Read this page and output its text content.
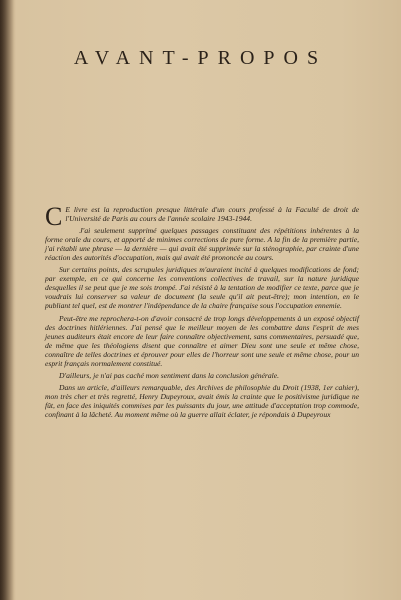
AVANT-PROPOS

C E livre est la reproduction presque littérale d'un cours professé à la Faculté de droit de l'Université de Paris au cours de l'année scolaire 1943-1944.

J'ai seulement supprimé quelques passages constituant des répétitions inhérentes à la forme orale du cours, et apporté de minimes corrections de pure forme. A la fin de la première partie, j'ai rétabli une phrase — la dernière — qui avait été supprimée sur la sténographie, par crainte d'une réaction des autorités d'occupation, mais qui avait été prononcée au cours.

Sur certains points, des scrupules juridiques m'auraient incité à quelques modifications de fond; par exemple, en ce qui concerne les conventions collectives de travail, sur la nature juridique desquelles il se peut que je me sois trompé. J'ai résisté à la tentation de modifier ce texte, parce que je voudrais lui conserver sa valeur de document (la seule qu'il ait peut-être); mon intention, en le publiant tel quel, est de montrer l'indépendance de la chaire française sous l'occupation ennemie.

Peut-être me reprochera-t-on d'avoir consacré de trop longs développements à un exposé objectif des doctrines hitlériennes. J'ai pensé que le meilleur moyen de les combattre dans l'esprit de mes jeunes auditeurs était encore de leur faire connaître objectivement, sans commentaires, persuadé que, de même que les théologiens disent que connaître et aimer Dieu sont une seule et même chose, connaître de telles doctrines et éprouver pour elles de l'horreur sont une seule et même chose, pour un esprit français normalement constitué.

D'ailleurs, je n'ai pas caché mon sentiment dans la conclusion générale.

Dans un article, d'ailleurs remarquable, des Archives de philosophie du Droit (1938, 1er cahier), mon très cher et très regretté, Henry Dupeyroux, avait émis la crainte que le positivisme juridique ne fût, en face des iniquités commises par les puissants du jour, une attitude d'acceptation trop commode, confinant à la lâcheté. Au moment même où la guerre allait éclater, je répondais à Dupeyroux
